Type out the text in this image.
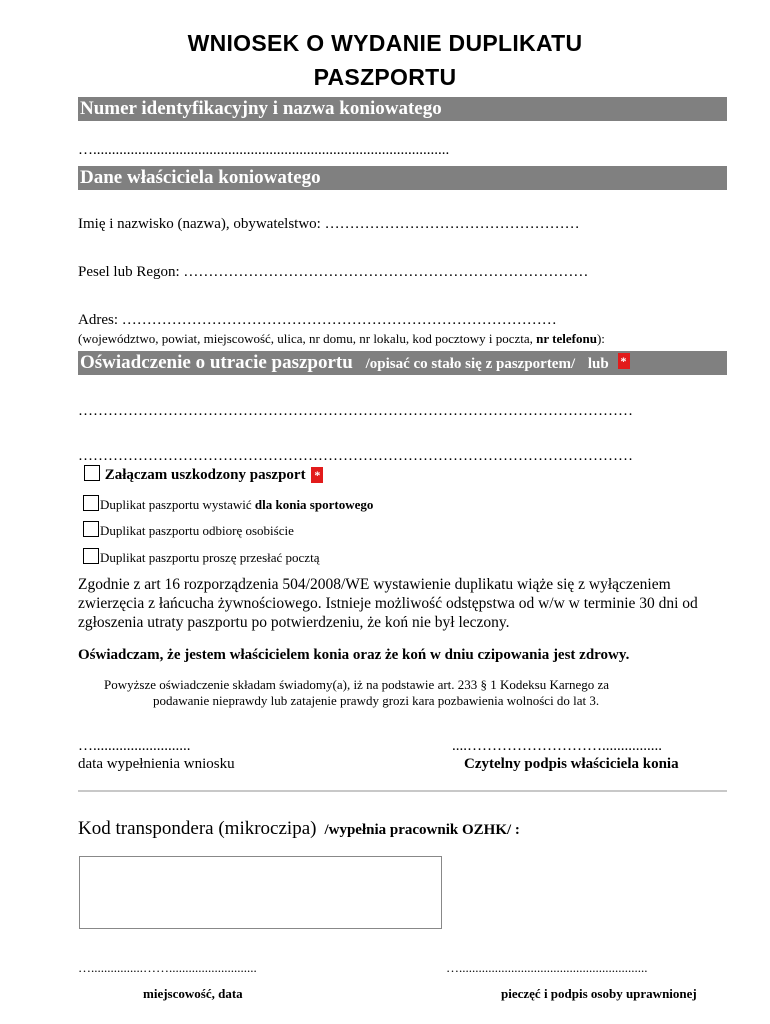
WNIOSEK O WYDANIE DUPLIKATU
PASZPORTU
Numer identyfikacyjny i nazwa koniowatego
…...............................................................................................
Dane właściciela koniowatego
Imię i nazwisko (nazwa), obywatelstwo: ……………………………………………
Pesel lub Regon: ………………………………………………………………………
Adres: ……………………………………………………………………………
(województwo, powiat, miejscowość, ulica, nr domu, nr lokalu, kod pocztowy i poczta, nr telefonu):
Oświadczenie o utracie paszportu /opisać co stało się z paszportem/ lub *
…………………………………………………………………………………………………
…………………………………………………………………………………………………
Załączam uszkodzony paszport *
Duplikat paszportu wystawić dla konia sportowego
Duplikat paszportu odbiorę osobiście
Duplikat paszportu proszę przesłać pocztą
Zgodnie z art 16 rozporządzenia 504/2008/WE wystawienie duplikatu wiąże się z wyłączeniem zwierzęcia z łańcucha żywnościowego. Istnieje możliwość odstępstwa od w/w w terminie 30 dni od zgłoszenia utraty paszportu po potwierdzeniu, że koń nie był leczony.
Oświadczam, że jestem właścicielem konia oraz że koń w dniu czipowania jest zdrowy.
Powyższe oświadczenie składam świadomy(a), iż na podstawie art. 233 § 1 Kodeksu Karnego za
podawanie nieprawdy lub zatajenie prawdy grozi kara pozbawienia wolności do lat 3.
…..........................
data wypełnienia wniosku
....………………………................
Czytelny podpis właściciela konia
Kod transpondera (mikroczipa) /wypełnia pracownik OZHK/ :
…................……...........................
miejscowość, data
…..........................................................
pieczęć i podpis osoby uprawnionej
